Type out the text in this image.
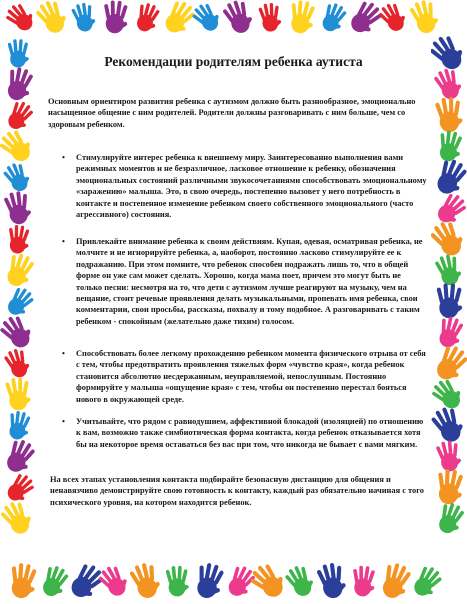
Рекомендации родителям ребенка аутиста

Основным ориентиром развития ребенка с аутизмом должно быть разнообразное, эмоционально насыщенное общение с ним родителей. Родители должны разговаривать с ним больше, чем со здоровым ребенком.

• Стимулируйте интерес ребенка к внешнему миру. Заинтересованно выполнения вами режимных моментов и не безразличное, ласковое отношение к ребенку, обозначения эмоциональных состояний различными звукосочетаниями способствовать эмоциональному «заражению» малыша. Это, в свою очередь, постепенно вызовет у него потребность в контакте и постепенное изменение ребенком своего собственного эмоционального (часто агрессивного) состояния.
• Привлекайте внимание ребенка к своим действиям. Купая, одевая, осматривая ребенка, не молчите и не игнорируйте ребенка, а, наоборот, постоянно ласково стимулируйте ее к подражанию. При этом помните, что ребенок способен подражать лишь то, что в общей форме он уже сам может сделать. Хорошо, когда мама поет, причем это могут быть не только песни: несмотря на то, что дети с аутизмом лучше реагируют на музыку, чем на вещание, стоит речевые проявления делать музыкальными, пропевать имя ребенка, свои комментарии, свои просьбы, рассказы, похвалу и тому подобное. А разговаривать с таким ребенком - спокойным (желательно даже тихим) голосом.
• Способствовать более легкому прохождению ребенком момента физического отрыва от себя с тем, чтобы предотвратить проявления тяжелых форм «чувство края», когда ребенок становится абсолютно несдержанным, неуправляемой, непослушным. Постоянно формируйте у малыша «ощущение края» с тем, чтобы он постепенно перестал бояться нового в окружающей среде.
• Учитывайте, что рядом с равнодушием, аффективной блокадой (изоляцией) по отношению к вам, возможно также симбиотическая форма контакта, когда ребенок отказывается хотя бы на некоторое время оставаться без вас при том, что никогда не бывает с вами мягким.

На всех этапах установления контакта подбирайте безопасную дистанцию для общения и ненавязчиво демонстрируйте свою готовность к контакту, каждый раз обязательно начиная с того психического уровня, на котором находится ребенок.
